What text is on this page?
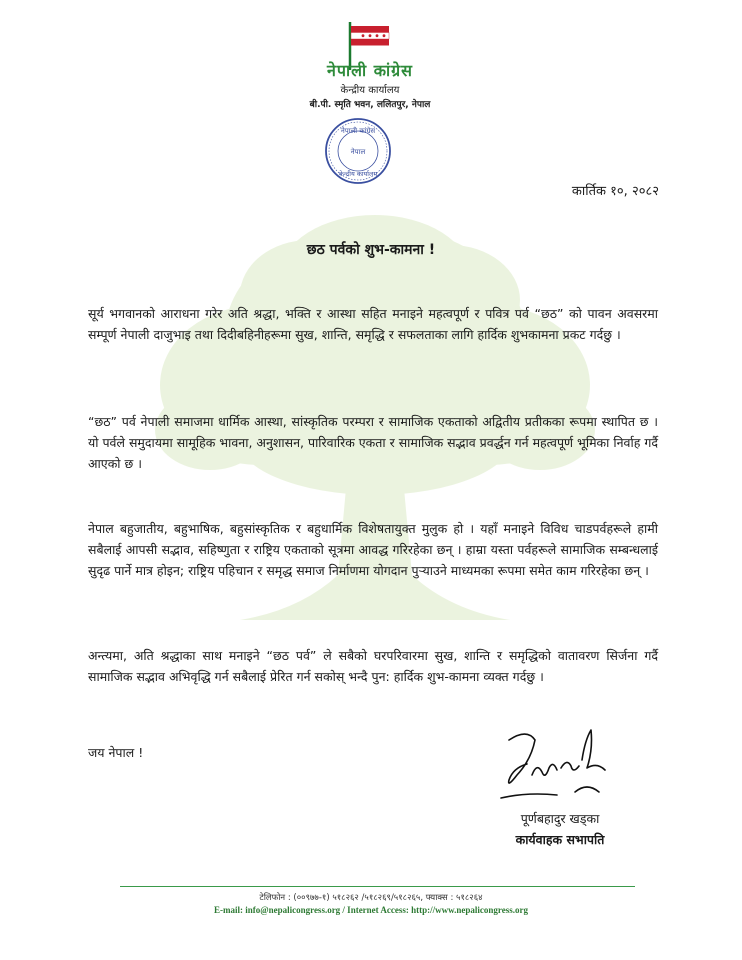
नेपाली कांग्रेस
केन्द्रीय कार्यालय
बी.पी. स्मृति भवन, ललितपुर, नेपाल
नेपाली कांग्रेस
नेपाल
केन्द्रीय कार्यालय
कार्तिक १०, २०८२
छठ पर्वको शुभ-कामना !
सूर्य भगवानको आराधना गरेर अति श्रद्धा, भक्ति र आस्था सहित मनाइने महत्वपूर्ण र पवित्र पर्व “छठ” को पावन अवसरमा सम्पूर्ण नेपाली दाजुभाइ तथा दिदीबहिनीहरूमा सुख, शान्ति, समृद्धि र सफलताका लागि हार्दिक शुभकामना प्रकट गर्दछु ।
“छठ” पर्व नेपाली समाजमा धार्मिक आस्था, सांस्कृतिक परम्परा र सामाजिक एकताको अद्वितीय प्रतीकका रूपमा स्थापित छ । यो पर्वले समुदायमा सामूहिक भावना, अनुशासन, पारिवारिक एकता र सामाजिक सद्भाव प्रवर्द्धन गर्न महत्वपूर्ण भूमिका निर्वाह गर्दै आएको छ ।
नेपाल बहुजातीय, बहुभाषिक, बहुसांस्कृतिक र बहुधार्मिक विशेषतायुक्त मुलुक हो । यहाँ मनाइने विविध चाडपर्वहरूले हामी सबैलाई आपसी सद्भाव, सहिष्णुता र राष्ट्रिय एकताको सूत्रमा आवद्ध गरिरहेका छन् । हाम्रा यस्ता पर्वहरूले सामाजिक सम्बन्धलाई सुदृढ पार्ने मात्र होइन; राष्ट्रिय पहिचान र समृद्ध समाज निर्माणमा योगदान पुऱ्याउने माध्यमका रूपमा समेत काम गरिरहेका छन् ।
अन्त्यमा, अति श्रद्धाका साथ मनाइने “छठ पर्व” ले सबैको घरपरिवारमा सुख, शान्ति र समृद्धिको वातावरण सिर्जना गर्दै सामाजिक सद्भाव अभिवृद्धि गर्न सबैलाई प्रेरित गर्न सकोस् भन्दै पुन: हार्दिक शुभ-कामना व्यक्त गर्दछु ।
जय नेपाल !
पूर्णबहादुर खड्का
कार्यवाहक सभापति
टेलिफोन : (००९७७-१) ५१८२६२ /५१८२६९/५१८२६५, फ्याक्स : ५१८२६४
E-mail: info@nepalicongress.org / Internet Access: http://www.nepalicongress.org
